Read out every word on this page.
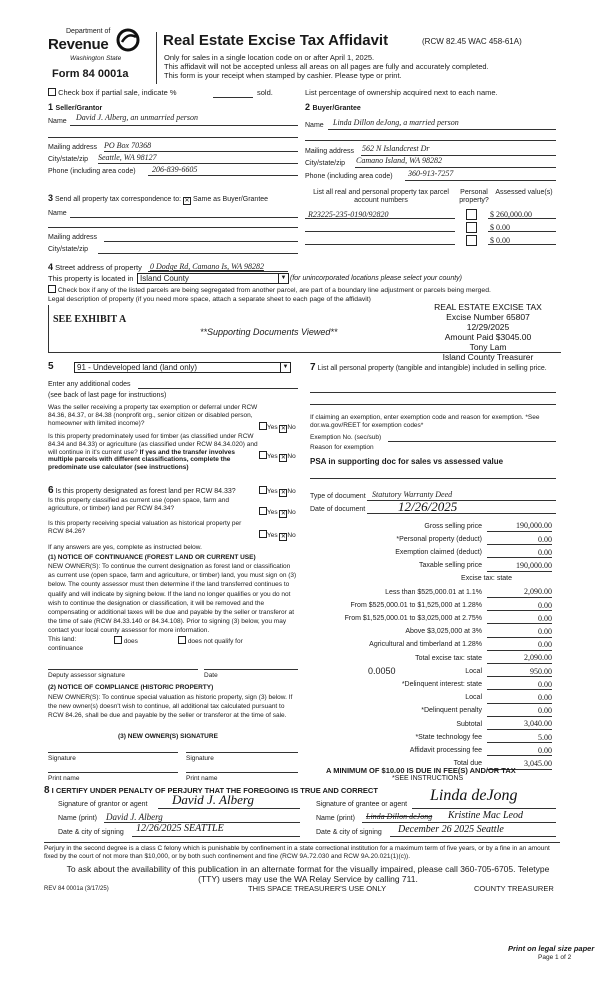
Department of
Revenue
Washington State
Form 84 0001a
Real Estate Excise Tax Affidavit	(RCW 82.45 WAC 458-61A)
Only for sales in a single location code on or after April 1, 2025.
This affidavit will not be accepted unless all areas on all pages are fully and accurately completed.
This form is your receipt when stamped by cashier. Please type or print.
Check box if partial sale, indicate %	sold.	List percentage of ownership acquired next to each name.
1 Seller/Grantor
Name David J. Alberg, an unmarried person
Mailing address PO Box 70368
City/state/zip Seattle, WA 98127
Phone (including area code) 206-839-6605
2 Buyer/Grantee
Name Linda Dillon deJong, a married person
Mailing address 562 N Islandcrest Dr
City/state/zip Camano Island, WA 98282
Phone (including area code) 360-913-7257
3 Send all property tax correspondence to: ✕ Same as Buyer/Grantee
Name
Mailing address
City/state/zip
List all real and personal property tax parcel account numbers
Personal property?
Assessed value(s)
R23225-235-0190/92820	$ 260,000.00
$ 0.00
$ 0.00
4 Street address of property 0 Dodge Rd, Camano Is, WA 98282
This property is located in Island County	▼ (for unincorporated locations please select your county)
Check box if any of the listed parcels are being segregated from another parcel, are part of a boundary line adjustment or parcels being merged.
Legal description of property (if you need more space, attach a separate sheet to each page of the affidavit)
SEE EXHIBIT A
**Supporting Documents Viewed**
REAL ESTATE EXCISE TAX
Excise Number 65807
12/29/2025
Amount Paid $3045.00
Tony Lam
Island County Treasurer
5	91 - Undeveloped land (land only)	▼
Enter any additional codes
(see back of last page for instructions)
Was the seller receiving a property tax exemption or deferral under RCW 84.36, 84.37, or 84.38 (nonprofit org., senior citizen or disabled person, homeowner with limited income)?
Yes ✕ No
Is this property predominately used for timber (as classified under RCW 84.34 and 84.33) or agriculture (as classified under RCW 84.34.020) and will continue in it's current use? If yes and the transfer involves multiple parcels with different classifications, complete the predominate use calculator (see instructions)
Yes ✕ No
7 List all personal property (tangible and intangible) included in selling price.
If claiming an exemption, enter exemption code and reason for exemption. *See dor.wa.gov/REET for exemption codes*
Exemption No. (sec/sub)
Reason for exemption
PSA in supporting doc for sales vs assessed value
Type of document Statutory Warranty Deed
Date of document	12/26/2025
Gross selling price	190,000.00
*Personal property (deduct)	0.00
Exemption claimed (deduct)	0.00
Taxable selling price	190,000.00
Excise tax: state
Less than $525,000.01 at 1.1%	2,090.00
From $525,000.01 to $1,525,000 at 1.28%	0.00
From $1,525,000.01 to $3,025,000 at 2.75%	0.00
Above $3,025,000 at 3%	0.00
Agricultural and timberland at 1.28%	0.00
Total excise tax: state	2,090.00
0.0050	Local	950.00
*Delinquent interest: state	0.00
Local	0.00
*Delinquent penalty	0.00
Subtotal	3,040.00
*State technology fee	5.00
Affidavit processing fee	0.00
Total due	3,045.00
6 Is this property designated as forest land per RCW 84.33?	Yes ✕ No
Is this property classified as current use (open space, farm and agriculture, or timber) land per RCW 84.34?
Yes ✕ No
Is this property receiving special valuation as historical property per RCW 84.26?
Yes ✕ No
If any answers are yes, complete as instructed below.
(1) NOTICE OF CONTINUANCE (FOREST LAND OR CURRENT USE)
NEW OWNER(S): To continue the current designation as forest land or classification as current use (open space, farm and agriculture, or timber) land, you must sign on (3) below. The county assessor must then determine if the land transferred continues to qualify and will indicate by signing below. If the land no longer qualifies or you do not wish to continue the designation or classification, it will be removed and the compensating or additional taxes will be due and payable by the seller or transferor at the time of sale (RCW 84.33.140 or 84.34.108). Prior to signing (3) below, you may contact your local county assessor for more information.
This land:	does	does not qualify for
continuance
Deputy assessor signature	Date
(2) NOTICE OF COMPLIANCE (HISTORIC PROPERTY)
NEW OWNER(S): To continue special valuation as historic property, sign (3) below. If the new owner(s) doesn't wish to continue, all additional tax calculated pursuant to RCW 84.26, shall be due and payable by the seller or transferor at the time of sale.
(3) NEW OWNER(S) SIGNATURE
Signature	Signature
Print name	Print name
A MINIMUM OF $10.00 IS DUE IN FEE(S) AND/OR TAX
*SEE INSTRUCTIONS
8 I CERTIFY UNDER PENALTY OF PERJURY THAT THE FOREGOING IS TRUE AND CORRECT
Signature of grantor or agent David J. Alberg
Name (print) David J. Alberg
Date & city of signing 12/26/2025 SEATTLE
Signature of grantee or agent
Linda deJong
Name (print) Linda Dillon deJong Kristine Mac Leod
Date & city of signing December 26 2025 Seattle
Perjury in the second degree is a class C felony which is punishable by confinement in a state correctional institution for a maximum term of five years, or by a fine in an amount fixed by the court of not more than $10,000, or by both such confinement and fine (RCW 9A.72.030 and RCW 9A.20.021(1)(c)).
To ask about the availability of this publication in an alternate format for the visually impaired, please call 360-705-6705. Teletype (TTY) users may use the WA Relay Service by calling 711.
REV 84 0001a (3/17/25)	THIS SPACE TREASURER'S USE ONLY	COUNTY TREASURER
Print on legal size paper
Page 1 of 2
